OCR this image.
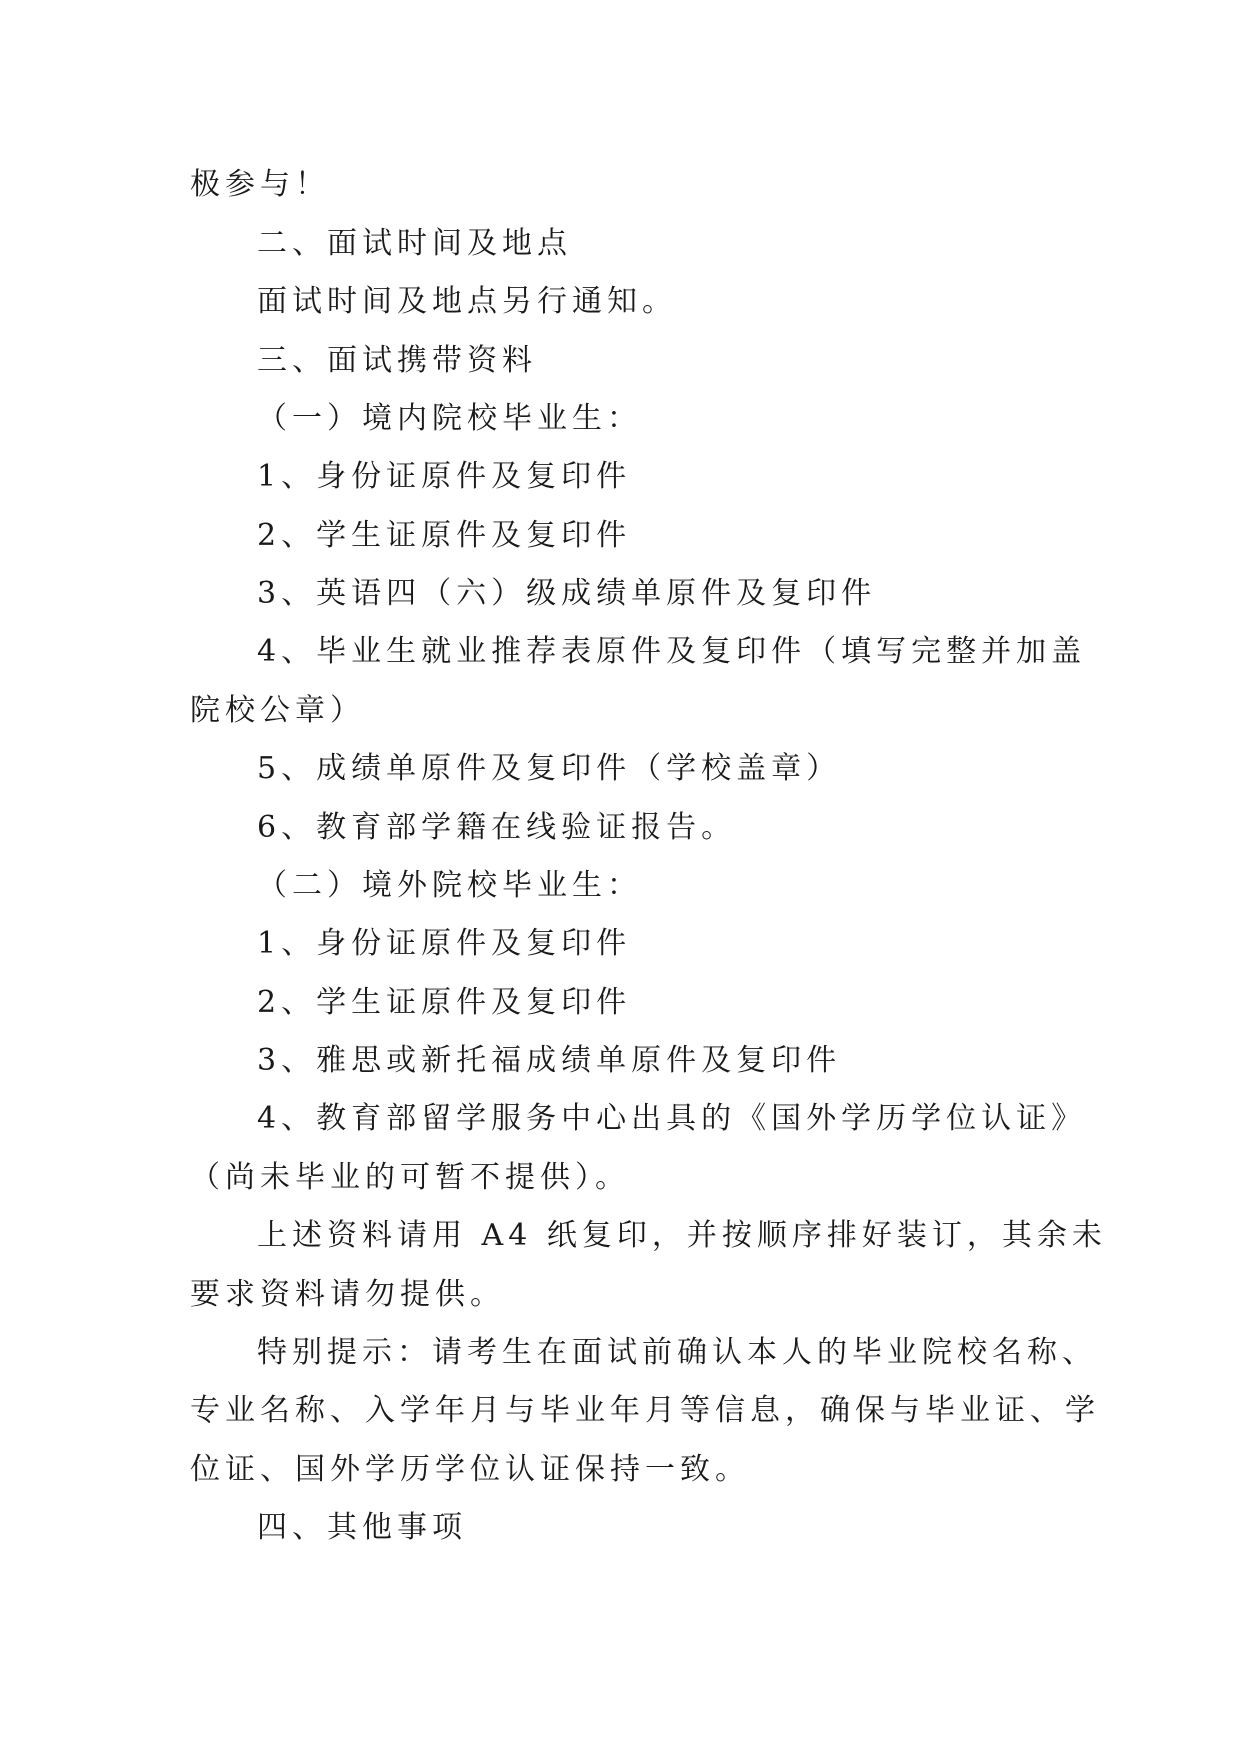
极参与！
二、面试时间及地点
面试时间及地点另行通知。
三、面试携带资料
（一）境内院校毕业生：
1、身份证原件及复印件
2、学生证原件及复印件
3、英语四（六）级成绩单原件及复印件
4、毕业生就业推荐表原件及复印件（填写完整并加盖
院校公章）
5、成绩单原件及复印件（学校盖章）
6、教育部学籍在线验证报告。
（二）境外院校毕业生：
1、身份证原件及复印件
2、学生证原件及复印件
3、雅思或新托福成绩单原件及复印件
4、教育部留学服务中心出具的《国外学历学位认证》
（尚未毕业的可暂不提供）。
上述资料请用 A4 纸复印，并按顺序排好装订，其余未
要求资料请勿提供。
特别提示：请考生在面试前确认本人的毕业院校名称、
专业名称、入学年月与毕业年月等信息，确保与毕业证、学
位证、国外学历学位认证保持一致。
四、其他事项
